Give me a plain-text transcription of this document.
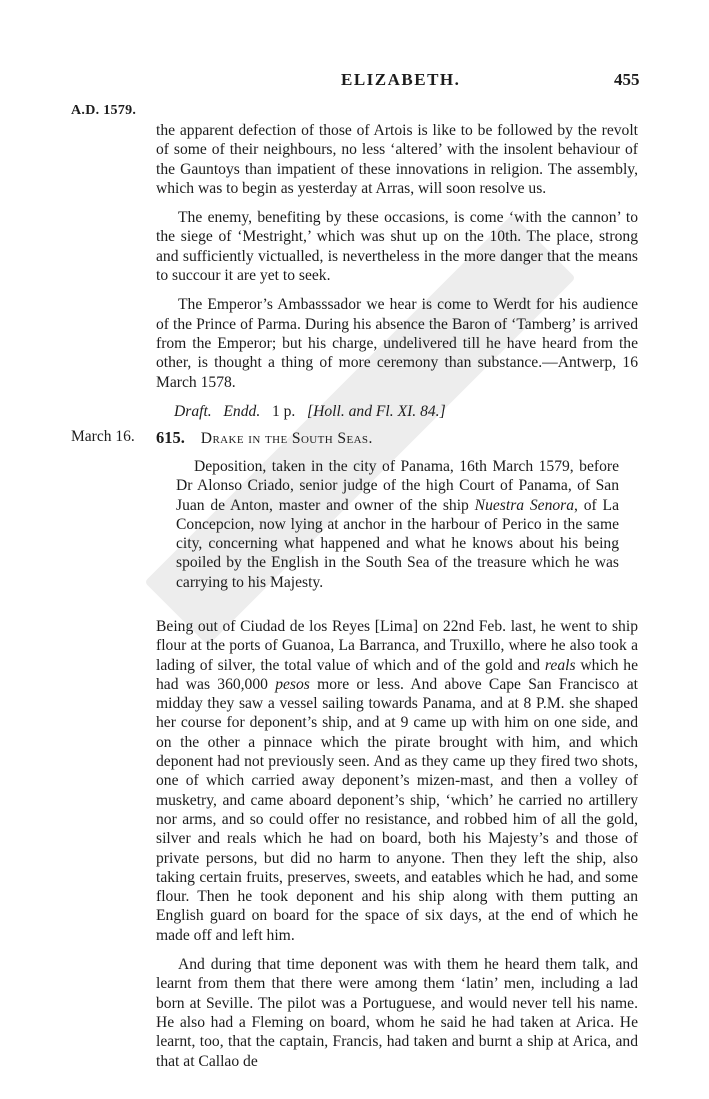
ELIZABETH.	455
A.D. 1579.

the apparent defection of those of Artois is like to be followed by the revolt of some of their neighbours, no less ‘altered’ with the insolent behaviour of the Gauntoys than impatient of these innovations in religion. The assembly, which was to begin as yesterday at Arras, will soon resolve us.

The enemy, benefiting by these occasions, is come ‘with the cannon’ to the siege of ‘Mestright,’ which was shut up on the 10th. The place, strong and sufficiently victualled, is nevertheless in the more danger that the means to succour it are yet to seek.

The Emperor’s Ambasssador we hear is come to Werdt for his audience of the Prince of Parma. During his absence the Baron of ‘Tamberg’ is arrived from the Emperor; but his charge, undelivered till he have heard from the other, is thought a thing of more ceremony than substance.—Antwerp, 16 March 1578.

Draft. Endd. 1 p. [Holl. and Fl. XI. 84.]

March 16. 615. Drake in the South Seas.

Deposition, taken in the city of Panama, 16th March 1579, before Dr Alonso Criado, senior judge of the high Court of Panama, of San Juan de Anton, master and owner of the ship Nuestra Senora, of La Concepcion, now lying at anchor in the harbour of Perico in the same city, concerning what happened and what he knows about his being spoiled by the English in the South Sea of the treasure which he was carrying to his Majesty.

Being out of Ciudad de los Reyes [Lima] on 22nd Feb. last, he went to ship flour at the ports of Guanoa, La Barranca, and Truxillo, where he also took a lading of silver, the total value of which and of the gold and reals which he had was 360,000 pesos more or less. And above Cape San Francisco at midday they saw a vessel sailing towards Panama, and at 8 P.M. she shaped her course for deponent’s ship, and at 9 came up with him on one side, and on the other a pinnace which the pirate brought with him, and which deponent had not previously seen. And as they came up they fired two shots, one of which carried away deponent’s mizen-mast, and then a volley of musketry, and came aboard deponent’s ship, ‘which’ he carried no artillery nor arms, and so could offer no resistance, and robbed him of all the gold, silver and reals which he had on board, both his Majesty’s and those of private persons, but did no harm to anyone. Then they left the ship, also taking certain fruits, preserves, sweets, and eatables which he had, and some flour. Then he took deponent and his ship along with them putting an English guard on board for the space of six days, at the end of which he made off and left him.

And during that time deponent was with them he heard them talk, and learnt from them that there were among them ‘latin’ men, including a lad born at Seville. The pilot was a Portuguese, and would never tell his name. He also had a Fleming on board, whom he said he had taken at Arica. He learnt, too, that the captain, Francis, had taken and burnt a ship at Arica, and that at Callao de
